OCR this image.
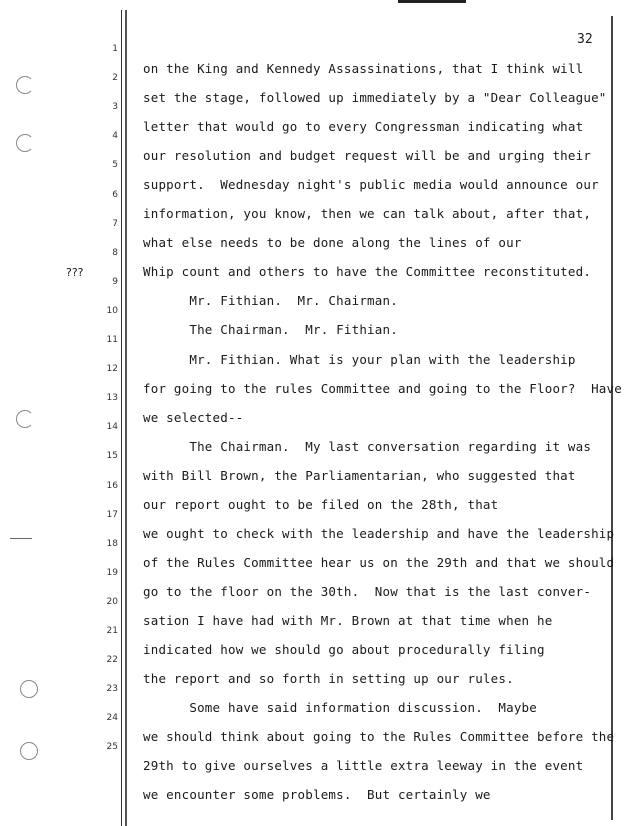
32
???
1
2
3
4
5
6
7
8
9
10
11
12
13
14
15
16
17
18
19
20
21
22
23
24
25
on the King and Kennedy Assassinations, that I think will
set the stage, followed up immediately by a "Dear Colleague"
letter that would go to every Congressman indicating what
our resolution and budget request will be and urging their
support.  Wednesday night's public media would announce our
information, you know, then we can talk about, after that,
what else needs to be done along the lines of our
Whip count and others to have the Committee reconstituted.
Mr. Fithian.  Mr. Chairman.
The Chairman.  Mr. Fithian.
Mr. Fithian. What is your plan with the leadership
for going to the rules Committee and going to the Floor?  Have
we selected--
The Chairman.  My last conversation regarding it was
with Bill Brown, the Parliamentarian, who suggested that
our report ought to be filed on the 28th, that
we ought to check with the leadership and have the leadership
of the Rules Committee hear us on the 29th and that we should
go to the floor on the 30th.  Now that is the last conver-
sation I have had with Mr. Brown at that time when he
indicated how we should go about procedurally filing
the report and so forth in setting up our rules.
Some have said information discussion.  Maybe
we should think about going to the Rules Committee before the
29th to give ourselves a little extra leeway in the event
we encounter some problems.  But certainly we
